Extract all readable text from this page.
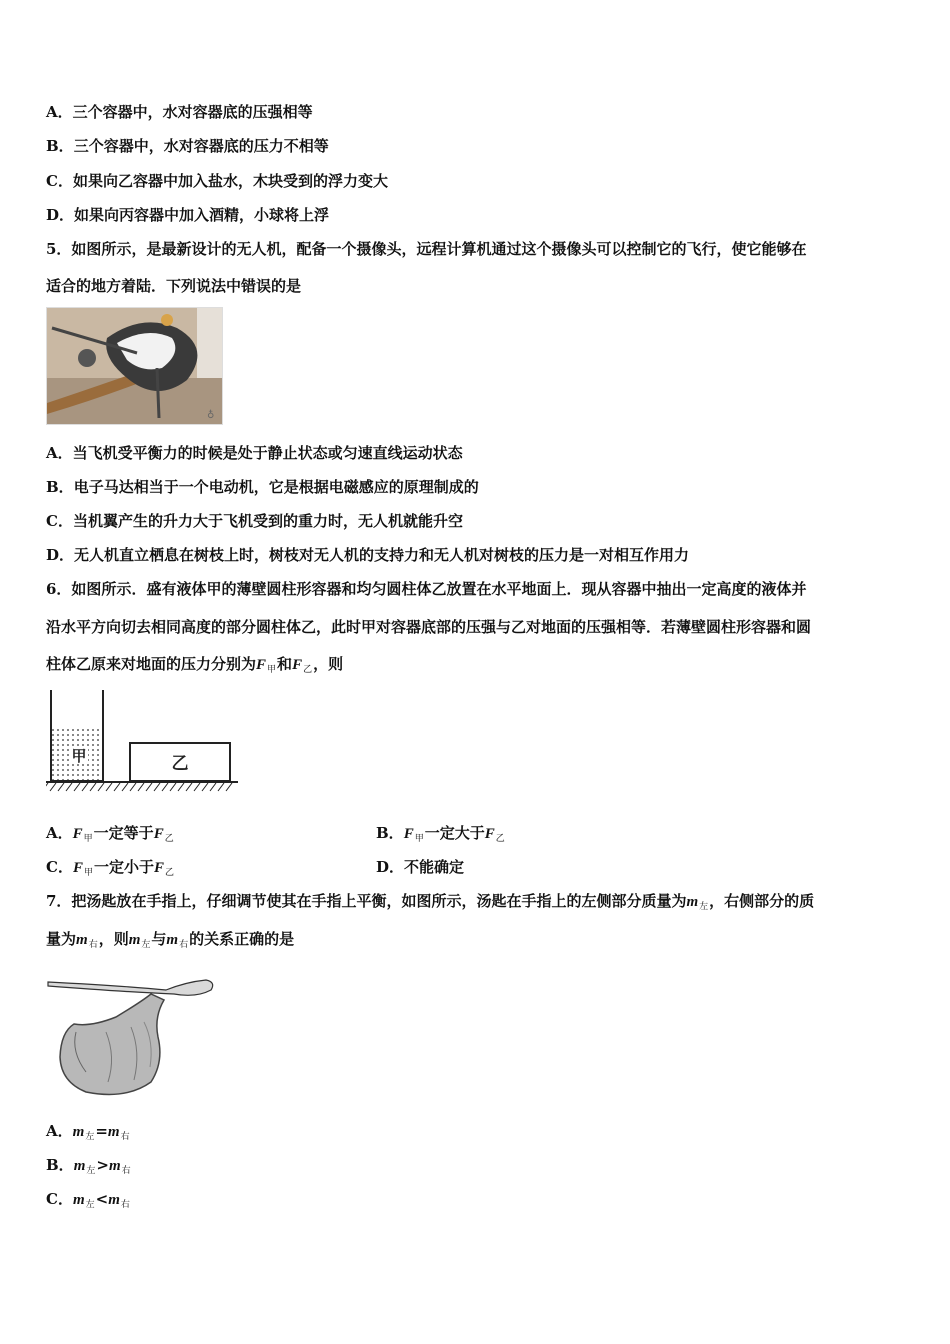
A．三个容器中，水对容器底的压强相等
B．三个容器中，水对容器底的压力不相等
C．如果向乙容器中加入盐水，木块受到的浮力变大
D．如果向丙容器中加入酒精，小球将上浮
5．如图所示，是最新设计的无人机，配备一个摄像头，远程计算机通过这个摄像头可以控制它的飞行，使它能够在
适合的地方着陆．下列说法中错误的是
♁
A．当飞机受平衡力的时候是处于静止状态或匀速直线运动状态
B．电子马达相当于一个电动机，它是根据电磁感应的原理制成的
C．当机翼产生的升力大于飞机受到的重力时，无人机就能升空
D．无人机直立栖息在树枝上时，树枝对无人机的支持力和无人机对树枝的压力是一对相互作用力
6．如图所示．盛有液体甲的薄壁圆柱形容器和均匀圆柱体乙放置在水平地面上．现从容器中抽出一定高度的液体并
沿水平方向切去相同高度的部分圆柱体乙，此时甲对容器底部的压强与乙对地面的压强相等．若薄壁圆柱形容器和圆
柱体乙原来对地面的压力分别为$F_甲$和$F_乙$，则
甲	乙
A．$F_甲$一定等于$F_乙$	B．$F_甲$一定大于$F_乙$
C．$F_甲$一定小于$F_乙$	D．不能确定
7．把汤匙放在手指上，仔细调节使其在手指上平衡，如图所示，汤匙在手指上的左侧部分质量为$m_左$，右侧部分的质
量为$m_右$，则$m_左$与$m_右$的关系正确的是
A．$m_左=m_右$
B．$m_左>m_右$
C．$m_左<m_右$
